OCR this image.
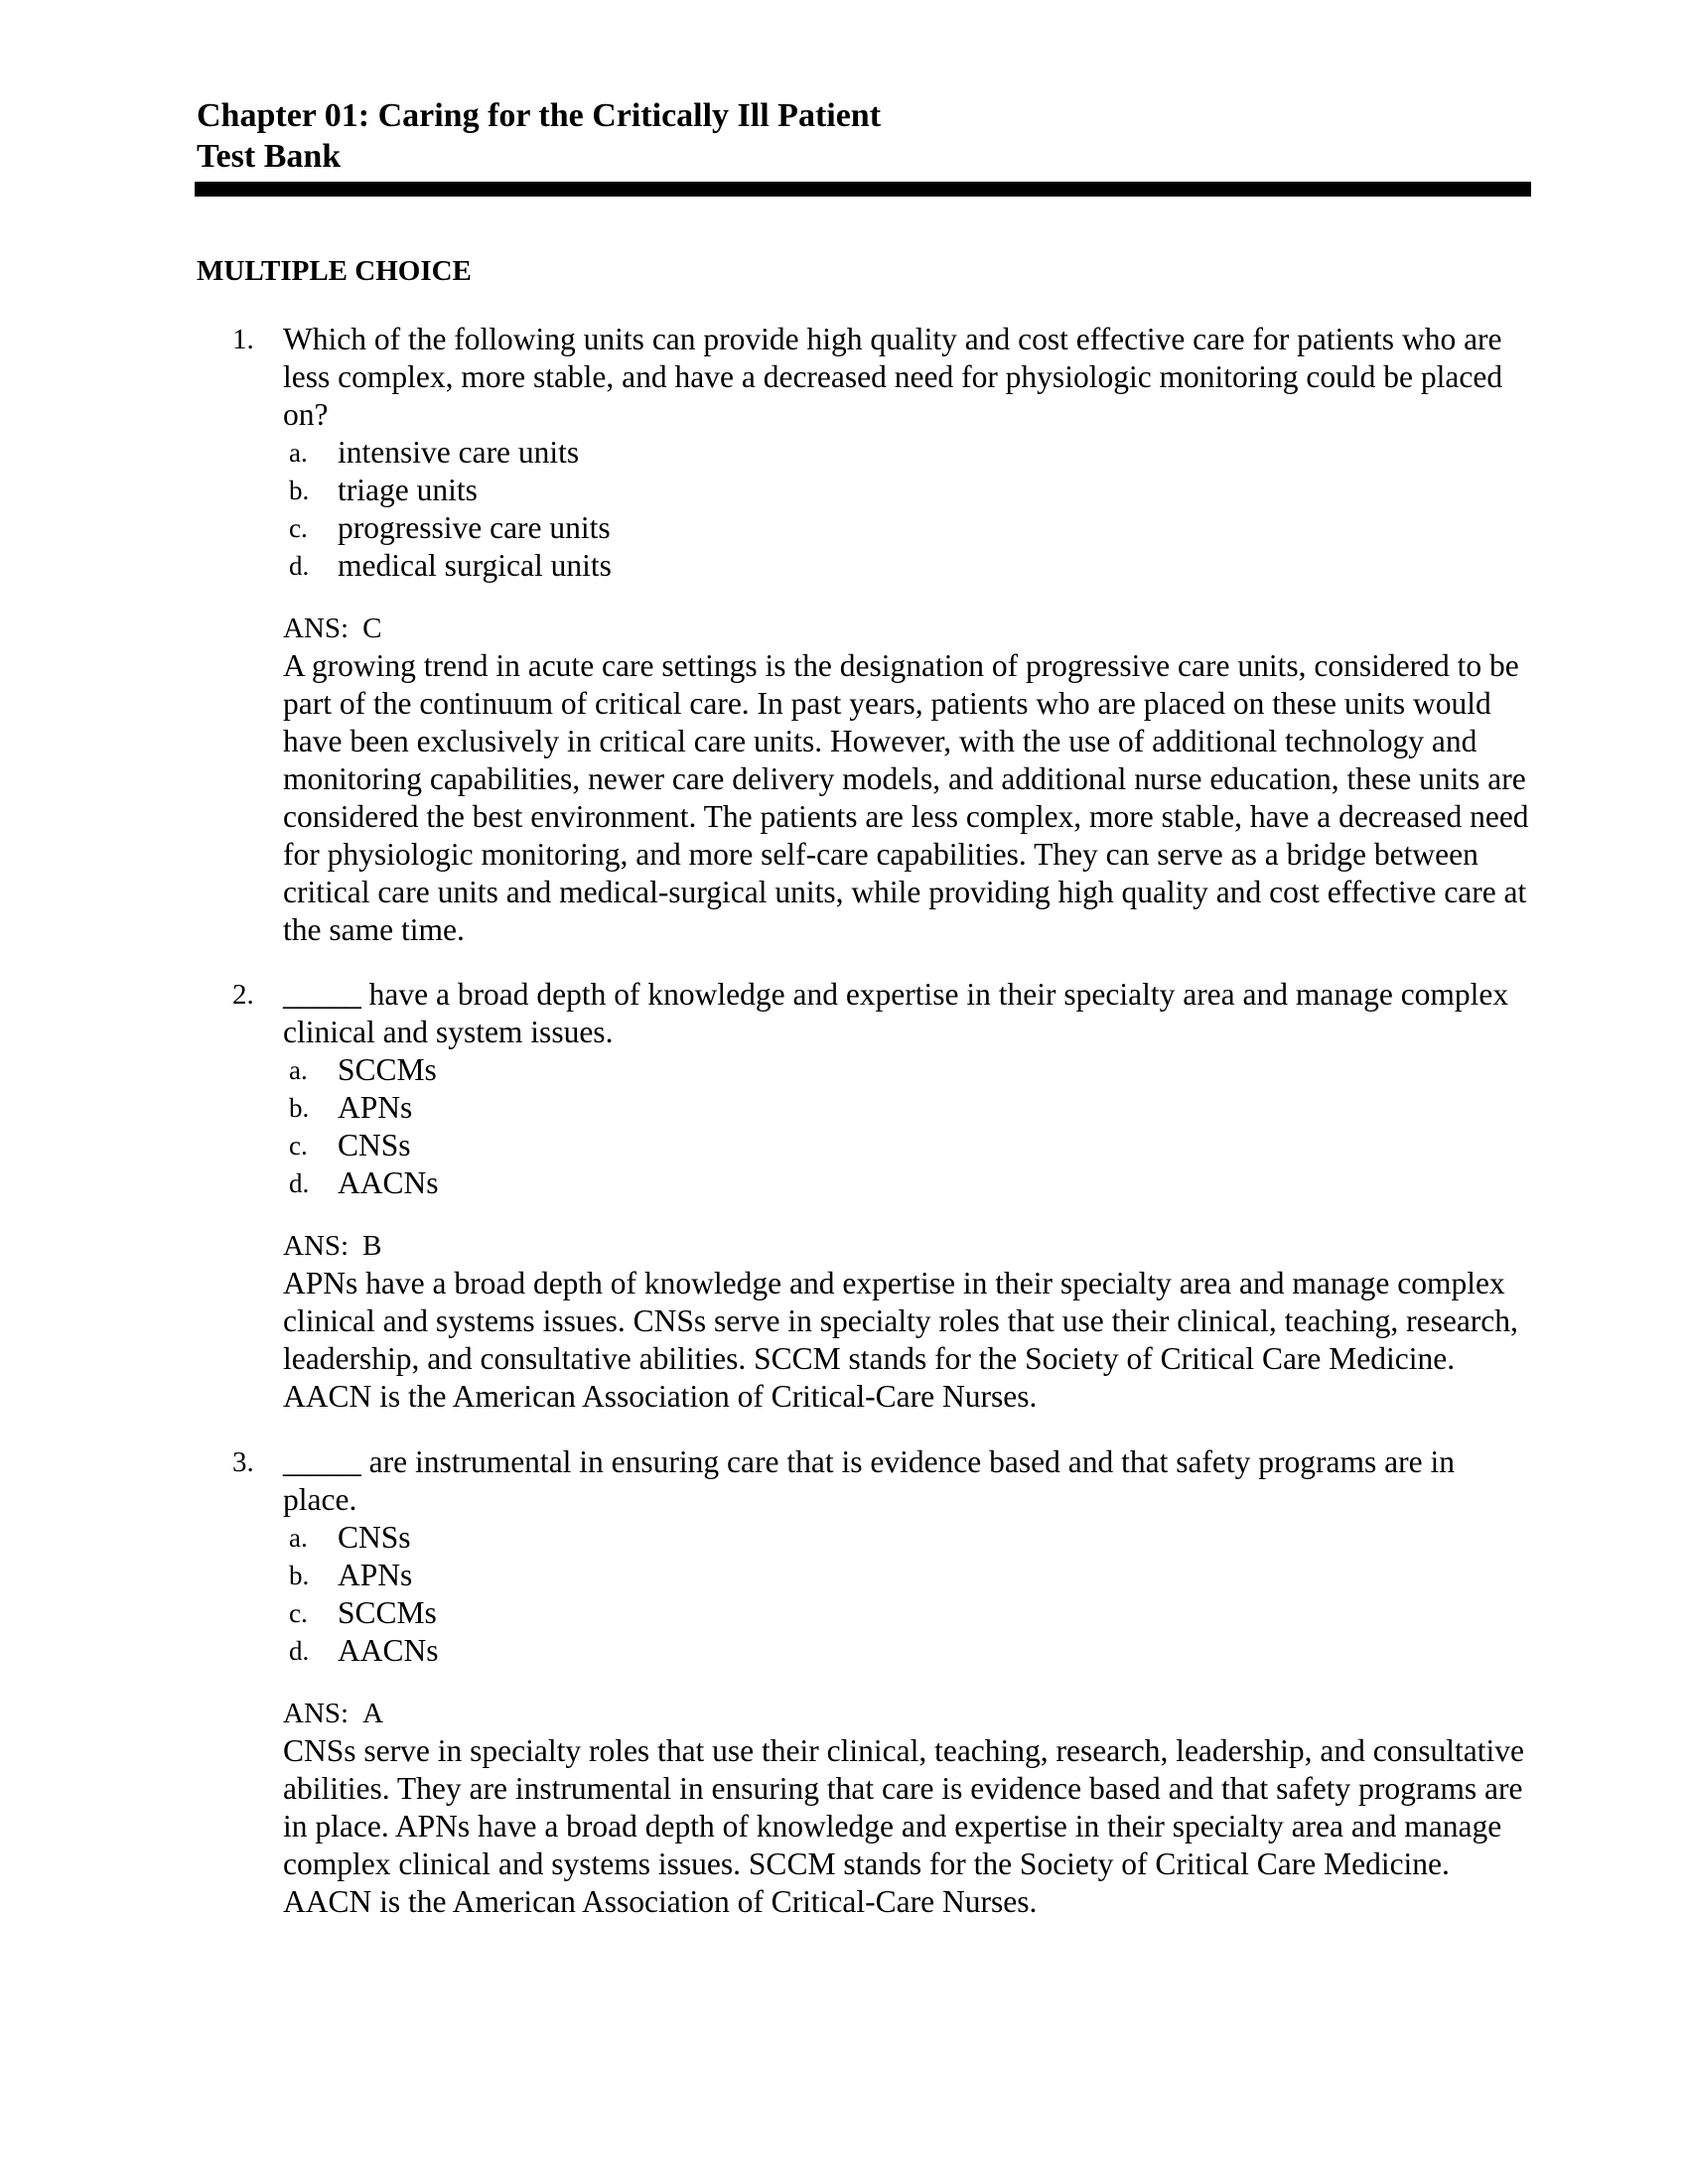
Chapter 01: Caring for the Critically Ill Patient

Test Bank

MULTIPLE CHOICE

1. Which of the following units can provide high quality and cost effective care for patients who are less complex, more stable, and have a decreased need for physiologic monitoring could be placed on?

a. intensive care units
b. triage units
c. progressive care units
d. medical surgical units

ANS: C

A growing trend in acute care settings is the designation of progressive care units, considered to be part of the continuum of critical care. In past years, patients who are placed on these units would have been exclusively in critical care units. However, with the use of additional technology and monitoring capabilities, newer care delivery models, and additional nurse education, these units are considered the best environment. The patients are less complex, more stable, have a decreased need for physiologic monitoring, and more self-care capabilities. They can serve as a bridge between critical care units and medical-surgical units, while providing high quality and cost effective care at the same time.

2. _____ have a broad depth of knowledge and expertise in their specialty area and manage complex clinical and system issues.

a. SCCMs
b. APNs
c. CNSs
d. AACNs

ANS: B

APNs have a broad depth of knowledge and expertise in their specialty area and manage complex clinical and systems issues. CNSs serve in specialty roles that use their clinical, teaching, research, leadership, and consultative abilities. SCCM stands for the Society of Critical Care Medicine. AACN is the American Association of Critical-Care Nurses.

3. _____ are instrumental in ensuring care that is evidence based and that safety programs are in place.

a. CNSs
b. APNs
c. SCCMs
d. AACNs

ANS: A

CNSs serve in specialty roles that use their clinical, teaching, research, leadership, and consultative abilities. They are instrumental in ensuring that care is evidence based and that safety programs are in place. APNs have a broad depth of knowledge and expertise in their specialty area and manage complex clinical and systems issues. SCCM stands for the Society of Critical Care Medicine. AACN is the American Association of Critical-Care Nurses.
